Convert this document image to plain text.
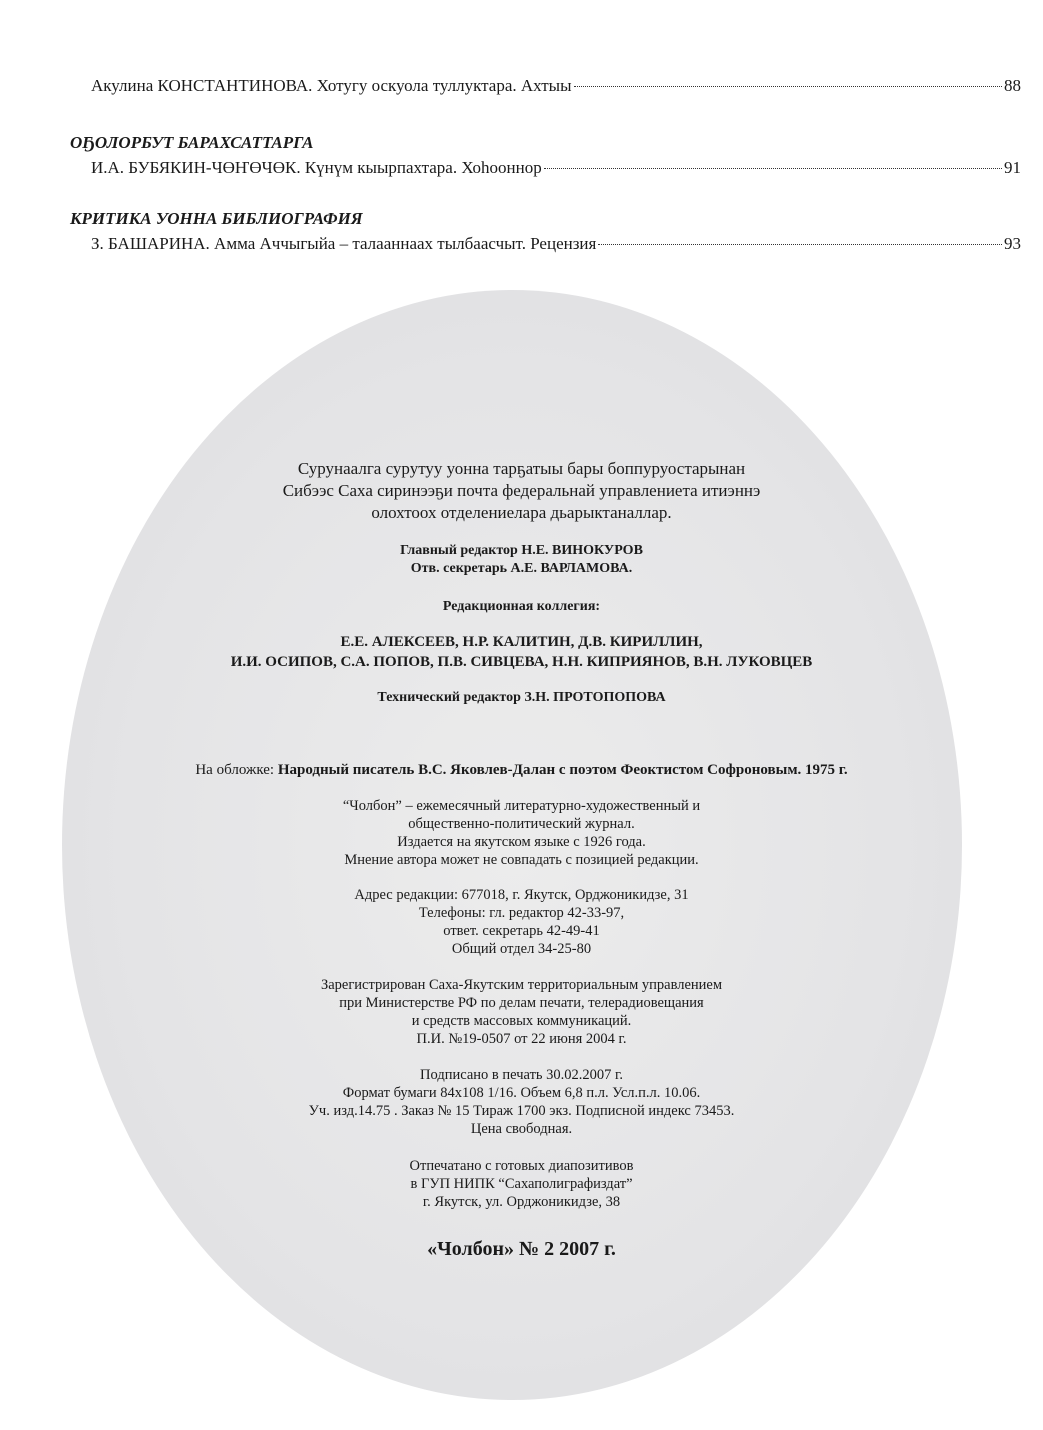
Акулина КОНСТАНТИНОВА. Хотугу оскуола туллуктара. Ахтыы	88
ОҔОЛОРБУТ БАРАХСАТТАРГА
И.А. БУБЯКИН-ЧӨҤӨЧӨК. Күнүм кыырпахтара. Хоһооннор	91
КРИТИКА УОННА БИБЛИОГРАФИЯ
З. БАШАРИНА. Амма Аччыгыйа – талааннаах тылбаасчыт. Рецензия	93
Сурунаалга сурутуу уонна тарҕатыы бары боппуруостарынан
Сибээс Саха сиринээҕи почта федеральнай управлениета итиэннэ
олохтоох отделениелара дьарыктаналлар.
Главный редактор Н.Е. ВИНОКУРОВ
Отв. секретарь А.Е. ВАРЛАМОВА.
Редакционная коллегия:
Е.Е. АЛЕКСЕЕВ, Н.Р. КАЛИТИН, Д.В. КИРИЛЛИН,
И.И. ОСИПОВ, С.А. ПОПОВ, П.В. СИВЦЕВА, Н.Н. КИПРИЯНОВ, В.Н. ЛУКОВЦЕВ
Технический редактор З.Н. ПРОТОПОПОВА
На обложке: Народный писатель В.С. Яковлев-Далан с поэтом Феоктистом Софроновым. 1975 г.
“Чолбон” – ежемесячный литературно-художественный и
общественно-политический журнал.
Издается на якутском языке с 1926 года.
Мнение автора может не совпадать с позицией редакции.
Адрес редакции: 677018, г. Якутск, Орджоникидзе, 31
Телефоны: гл. редактор 42-33-97,
ответ. секретарь 42-49-41
Общий отдел 34-25-80
Зарегистрирован Саха-Якутским территориальным управлением
при Министерстве РФ по делам печати, телерадиовещания
и средств массовых коммуникаций.
П.И. №19-0507 от 22 июня 2004 г.
Подписано в печать 30.02.2007 г.
Формат бумаги 84х108 1/16. Объем 6,8 п.л. Усл.п.л. 10.06.
Уч. изд.14.75 . Заказ № 15 Тираж 1700 экз. Подписной индекс 73453.
Цена свободная.
Отпечатано с готовых диапозитивов
в ГУП НИПК “Сахаполиграфиздат”
г. Якутск, ул. Орджоникидзе, 38
«Чолбон» № 2 2007 г.
